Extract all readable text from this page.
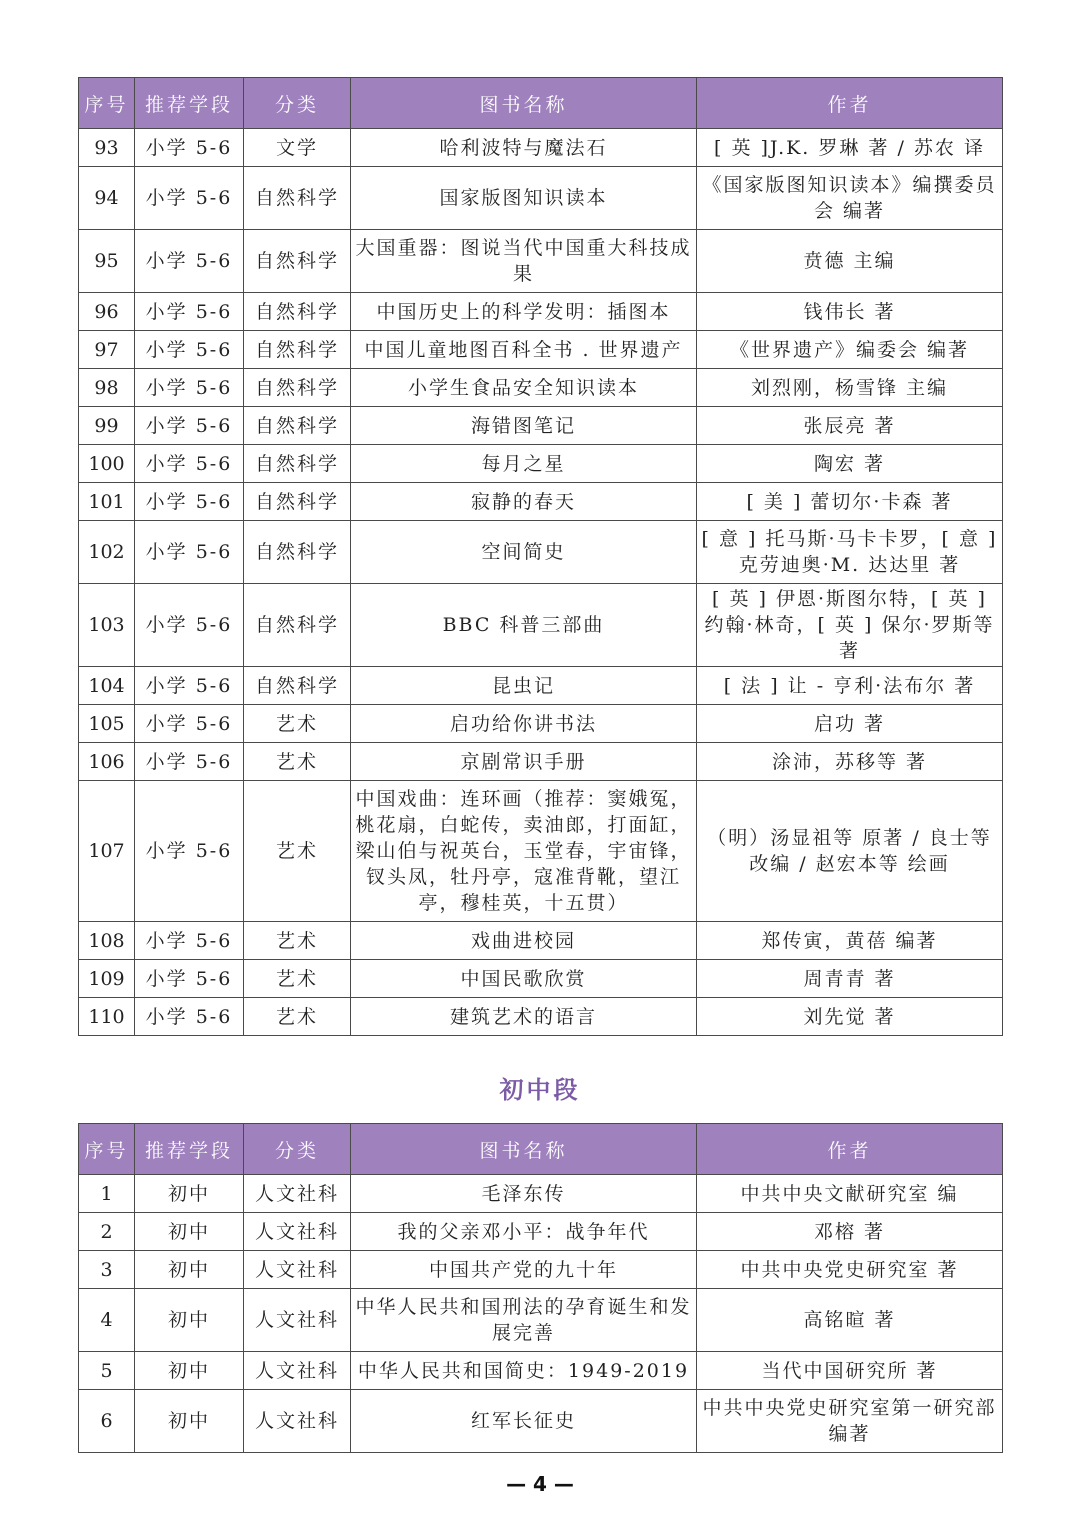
序号	推荐学段	分类	图书名称	作者
93	小学 5-6	文学	哈利波特与魔法石	[ 英 ]J.K. 罗琳 著 / 苏农 译
94	小学 5-6	自然科学	国家版图知识读本	《国家版图知识读本》编撰委员会 编著
95	小学 5-6	自然科学	大国重器：图说当代中国重大科技成果	贲德 主编
96	小学 5-6	自然科学	中国历史上的科学发明：插图本	钱伟长 著
97	小学 5-6	自然科学	中国儿童地图百科全书 . 世界遗产	《世界遗产》编委会 编著
98	小学 5-6	自然科学	小学生食品安全知识读本	刘烈刚，杨雪锋 主编
99	小学 5-6	自然科学	海错图笔记	张辰亮 著
100	小学 5-6	自然科学	每月之星	陶宏 著
101	小学 5-6	自然科学	寂静的春天	[ 美 ] 蕾切尔·卡森 著
102	小学 5-6	自然科学	空间简史	[ 意 ] 托马斯·马卡卡罗，[ 意 ] 克劳迪奥·M. 达达里 著
103	小学 5-6	自然科学	BBC 科普三部曲	[ 英 ] 伊恩·斯图尔特，[ 英 ] 约翰·林奇，[ 英 ] 保尔·罗斯等 著
104	小学 5-6	自然科学	昆虫记	[ 法 ] 让 - 亨利·法布尔 著
105	小学 5-6	艺术	启功给你讲书法	启功 著
106	小学 5-6	艺术	京剧常识手册	涂沛，苏移等 著
107	小学 5-6	艺术	中国戏曲：连环画（推荐：窦娥冤，桃花扇，白蛇传，卖油郎，打面缸，梁山伯与祝英台，玉堂春，宇宙锋，钗头凤，牡丹亭，寇准背靴，望江亭，穆桂英，十五贯）	（明）汤显祖等 原著 / 良士等 改编 / 赵宏本等 绘画
108	小学 5-6	艺术	戏曲进校园	郑传寅，黄蓓 编著
109	小学 5-6	艺术	中国民歌欣赏	周青青 著
110	小学 5-6	艺术	建筑艺术的语言	刘先觉 著
初中段
序号	推荐学段	分类	图书名称	作者
1	初中	人文社科	毛泽东传	中共中央文献研究室 编
2	初中	人文社科	我的父亲邓小平：战争年代	邓榕 著
3	初中	人文社科	中国共产党的九十年	中共中央党史研究室 著
4	初中	人文社科	中华人民共和国刑法的孕育诞生和发展完善	高铭暄 著
5	初中	人文社科	中华人民共和国简史：1949-2019	当代中国研究所 著
6	初中	人文社科	红军长征史	中共中央党史研究室第一研究部 编著
— 4 —
